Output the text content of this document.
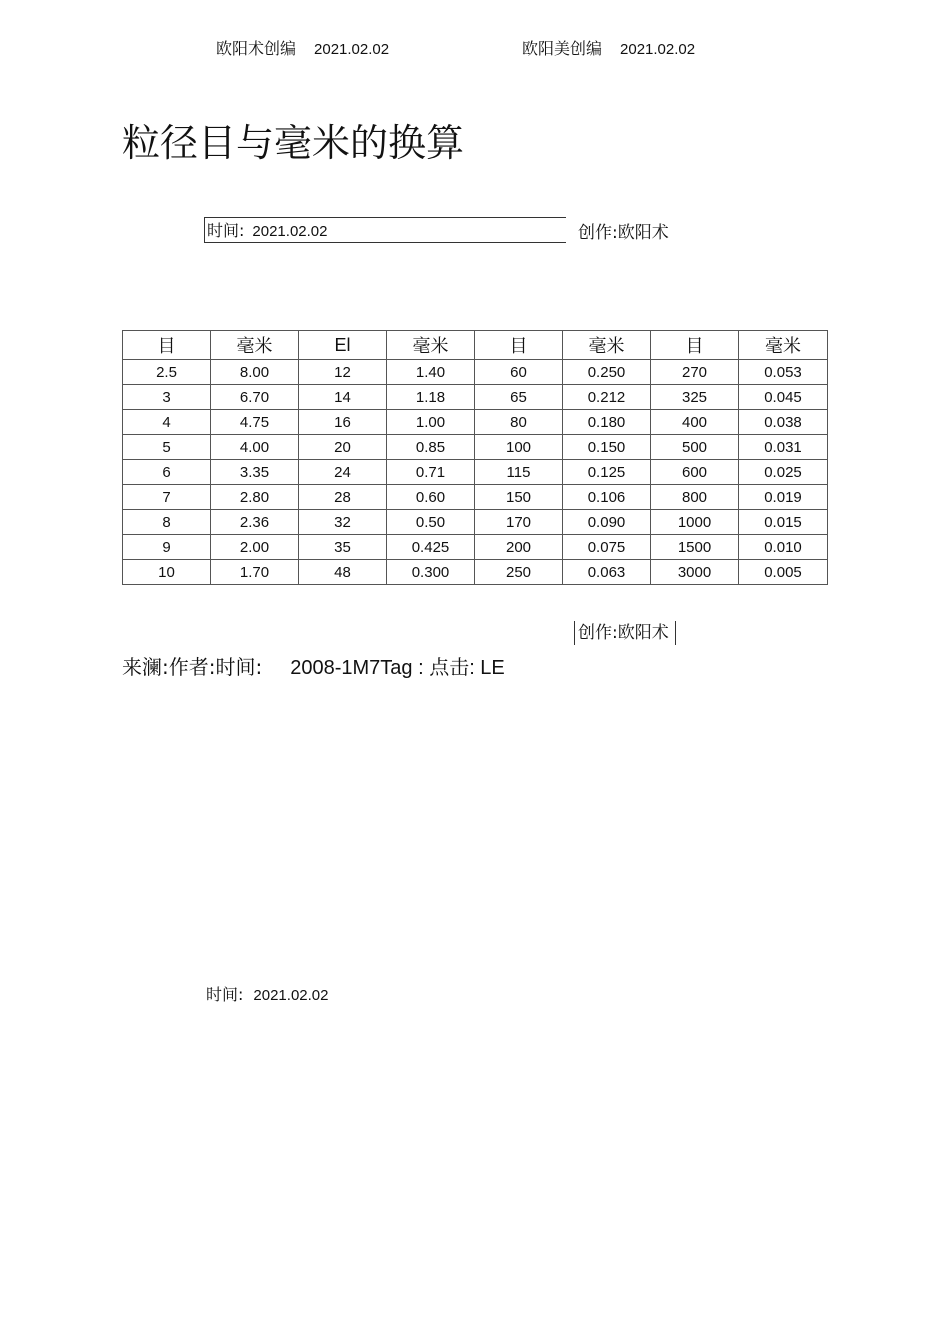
欧阳术创编 2021.02.02	欧阳美创编 2021.02.02
粒径目与毫米的换算
时间: 2021.02.02	创作:欧阳术
目	毫米	El	毫米	目	毫米	目	毫米
2.5	8.00	12	1.40	60	0.250	270	0.053
3	6.70	14	1.18	65	0.212	325	0.045
4	4.75	16	1.00	80	0.180	400	0.038
5	4.00	20	0.85	100	0.150	500	0.031
6	3.35	24	0.71	115	0.125	600	0.025
7	2.80	28	0.60	150	0.106	800	0.019
8	2.36	32	0.50	170	0.090	1000	0.015
9	2.00	35	0.425	200	0.075	1500	0.010
10	1.70	48	0.300	250	0.063	3000	0.005
创作:欧阳术
来澜:作者:时间: 2008-1M7Tag : 点击: LE
时间: 2021.02.02
